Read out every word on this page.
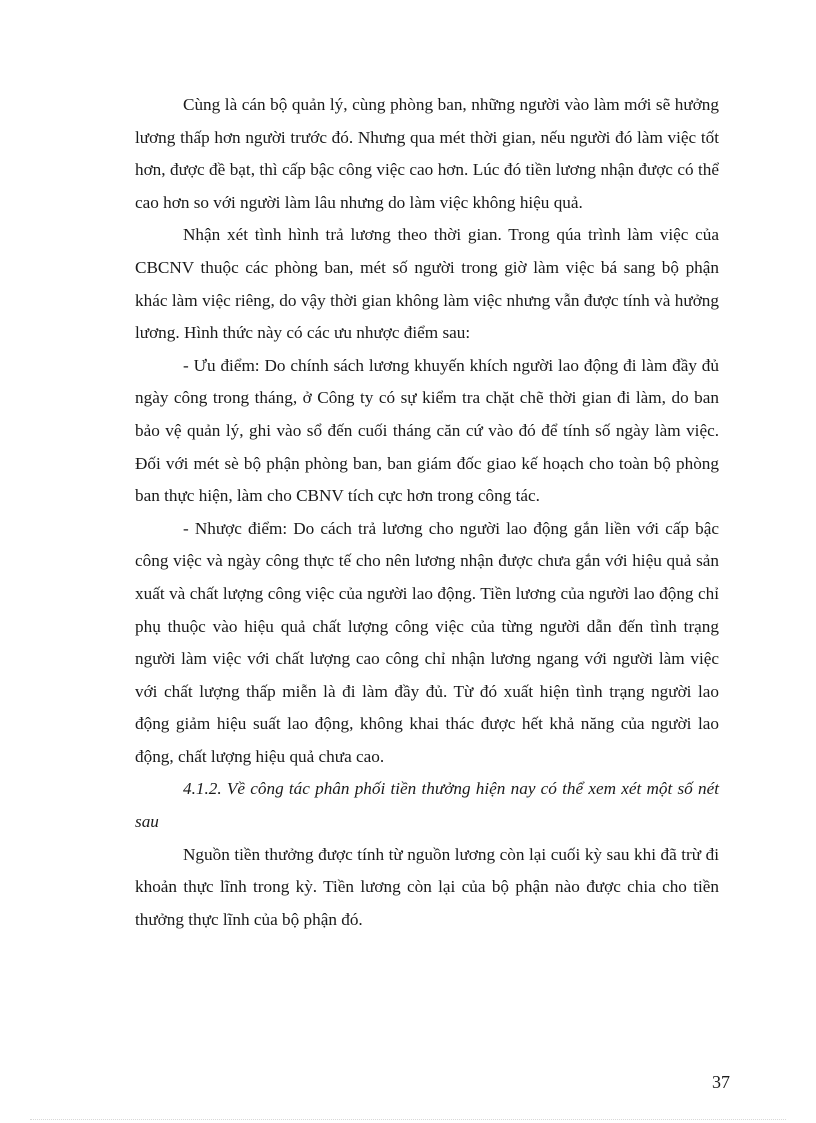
Cùng là cán bộ quản lý, cùng phòng ban, những người vào làm mới sẽ hưởng lương thấp hơn người trước đó. Nhưng qua mét thời gian, nếu người đó làm việc tốt hơn, được đề bạt, thì cấp bậc công việc cao hơn. Lúc đó tiền lương nhận được có thể cao hơn so với người làm lâu nhưng do làm việc không hiệu quả.

Nhận xét tình hình trả lương theo thời gian. Trong qúa trình làm việc của CBCNV thuộc các phòng ban, mét số người trong giờ làm việc bá sang bộ phận khác làm việc riêng, do vậy thời gian không làm việc nhưng vẫn được tính và hưởng lương. Hình thức này có các ưu nhược điểm sau:

- Ưu điểm: Do chính sách lương khuyến khích người lao động đi làm đầy đủ ngày công trong tháng, ở Công ty có sự kiểm tra chặt chẽ thời gian đi làm, do ban bảo vệ quản lý, ghi vào sổ đến cuối tháng căn cứ vào đó để tính số ngày làm việc. Đối với mét sè bộ phận phòng ban, ban giám đốc giao kế hoạch cho toàn bộ phòng ban thực hiện, làm cho CBNV tích cực hơn trong công tác.

- Nhược điểm: Do cách trả lương cho người lao động gắn liền với cấp bậc công việc và ngày công thực tế cho nên lương nhận được chưa gắn với hiệu quả sản xuất và chất lượng công việc của người lao động. Tiền lương của người lao động chỉ phụ thuộc vào hiệu quả chất lượng công việc của từng người dẫn đến tình trạng người làm việc với chất lượng cao công chỉ nhận lương ngang với người làm việc với chất lượng thấp miễn là đi làm đầy đủ. Từ đó xuất hiện tình trạng người lao động giảm hiệu suất lao động, không khai thác được hết khả năng của người lao động, chất lượng hiệu quả chưa cao.

4.1.2. Về công tác phân phối tiền thưởng hiện nay có thể xem xét một số nét sau

Nguồn tiền thưởng được tính từ nguồn lương còn lại cuối kỳ sau khi đã trừ đi khoản thực lĩnh trong kỳ. Tiền lương còn lại của bộ phận nào được chia cho tiền thưởng thực lĩnh của bộ phận đó.

37
